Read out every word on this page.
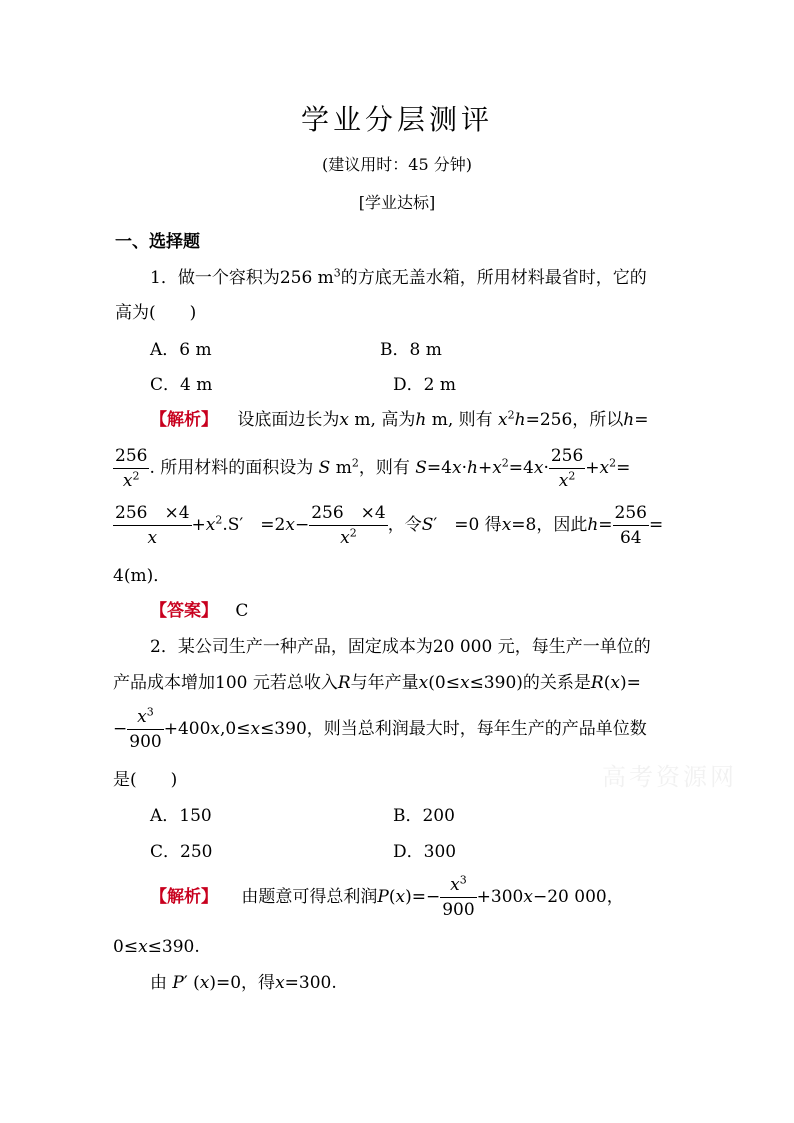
学业分层测评
(建议用时：45 分钟)
[学业达标]
一、选择题
1．做一个容积为256 $m^3$的方底无盖水箱，所用材料最省时，它的
高为(　　)
A．6 m	B．8 m
C．4 m	D．2 m
【解析】 设底面边长为x m, 高为h m, 则有 $x^2h=256$，所以h=
$\frac{256}{x^2}$ . 所用材料的面积设为 S $m^2$，则有 $S=4x\cdot h+x^2=4x\cdot \frac{256}{x^2} +x^2=$
$\frac{256 \times 4}{x} +x^2.S'$　$=2x- \frac{256 \times 4}{x^2}$ ，令S′　=0 得x=8，因此$h= \frac{256}{64}$ =
4(m)．
【答案】 C
2．某公司生产一种产品，固定成本为20 000 元，每生产一单位的
产品成本增加100 元若总收入R与年产量x(0≤x≤390)的关系是R(x)=
− $\frac{x^3}{900} +400x,0\le x\le 390$，则当总利润最大时，每年生产的产品单位数
是(　　)
A．150	B．200
C．250	D．300
【解析】 由题意可得总利润$P(x)=- \frac{x^3}{900} +300x-20$ 000，
0≤x≤390.
由 P′ (x)=0，得x=300.
高考资源网
